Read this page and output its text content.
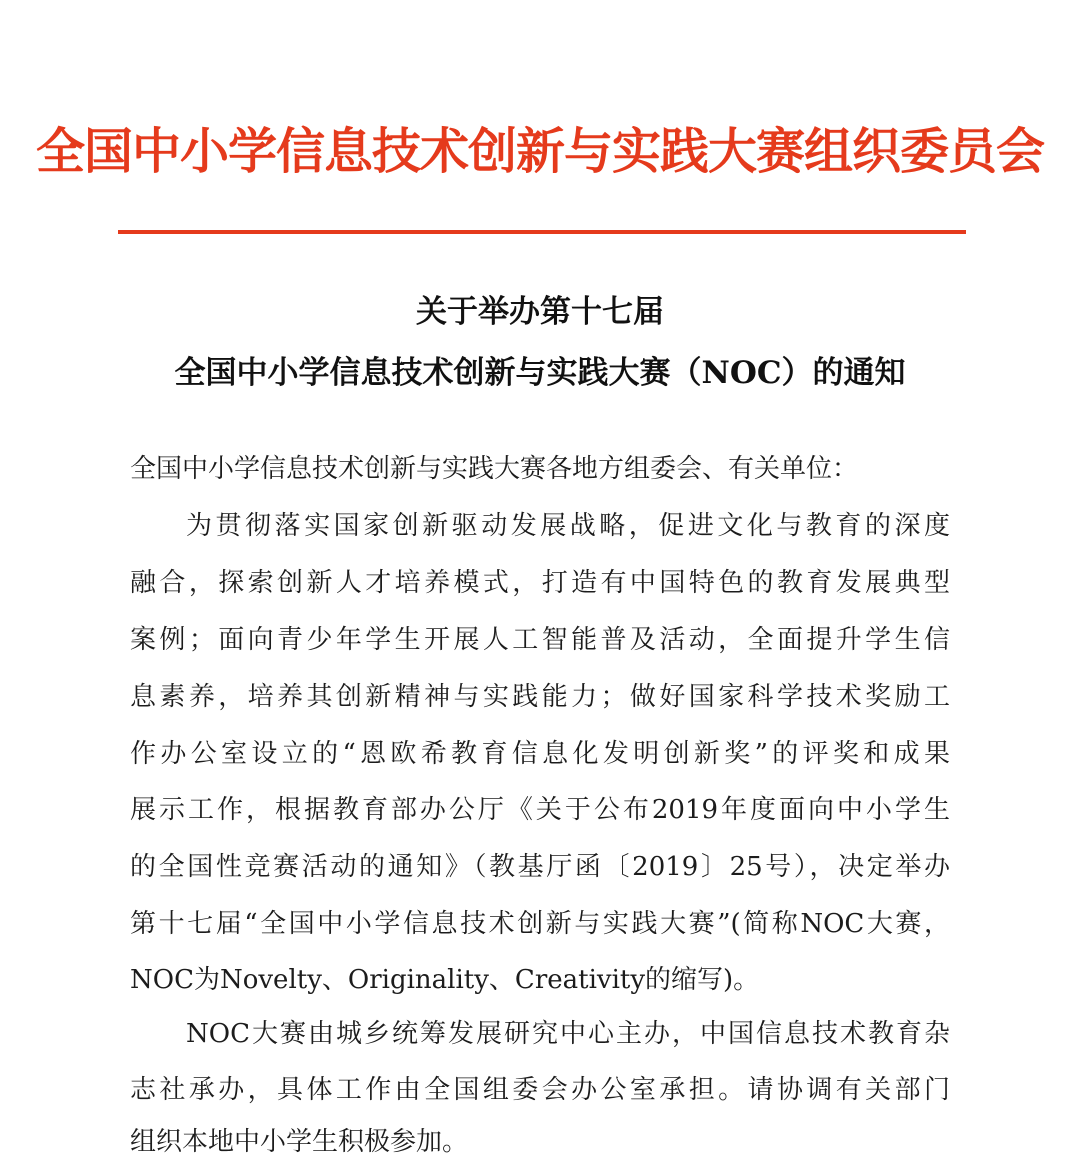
全国中小学信息技术创新与实践大赛组织委员会
关于举办第十七届
全国中小学信息技术创新与实践大赛（NOC）的通知
全国中小学信息技术创新与实践大赛各地方组委会、有关单位：
为贯彻落实国家创新驱动发展战略，促进文化与教育的深度
融合，探索创新人才培养模式，打造有中国特色的教育发展典型
案例；面向青少年学生开展人工智能普及活动，全面提升学生信
息素养，培养其创新精神与实践能力；做好国家科学技术奖励工
作办公室设立的“恩欧希教育信息化发明创新奖”的评奖和成果
展示工作，根据教育部办公厅《关于公布2019年度面向中小学生
的全国性竞赛活动的通知》（教基厅函〔2019〕25号），决定举办
第十七届“全国中小学信息技术创新与实践大赛”(简称NOC大赛，
NOC为Novelty、Originality、Creativity的缩写)。
NOC大赛由城乡统筹发展研究中心主办，中国信息技术教育杂
志社承办，具体工作由全国组委会办公室承担。请协调有关部门
组织本地中小学生积极参加。
